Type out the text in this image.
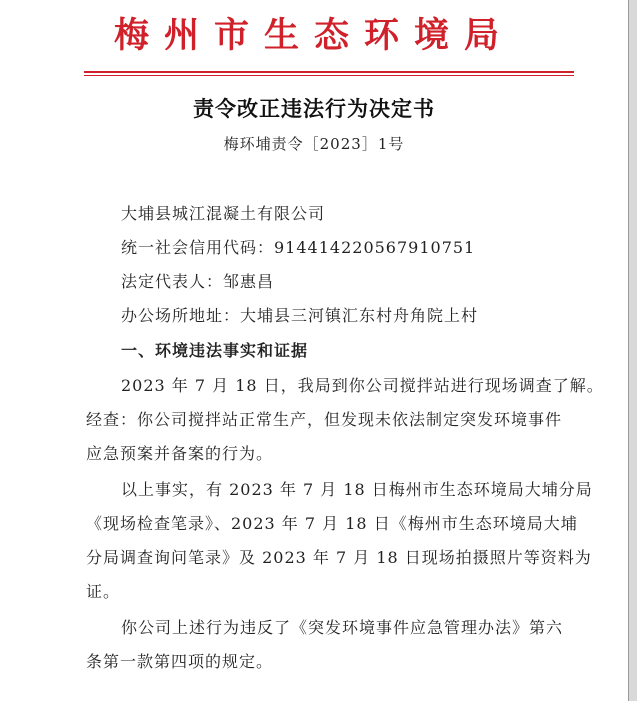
梅州市生态环境局
责令改正违法行为决定书
梅环埔责令［2023］1号
大埔县城江混凝土有限公司
统一社会信用代码：914414220567910751
法定代表人：邹惠昌
办公场所地址：大埔县三河镇汇东村舟角院上村
一、环境违法事实和证据
2023 年 7 月 18 日，我局到你公司搅拌站进行现场调查了解。
经查：你公司搅拌站正常生产，但发现未依法制定突发环境事件
应急预案并备案的行为。
以上事实，有 2023 年 7 月 18 日梅州市生态环境局大埔分局
《现场检查笔录》、2023 年 7 月 18 日《梅州市生态环境局大埔
分局调查询问笔录》及 2023 年 7 月 18 日现场拍摄照片等资料为
证。
你公司上述行为违反了《突发环境事件应急管理办法》第六
条第一款第四项的规定。
